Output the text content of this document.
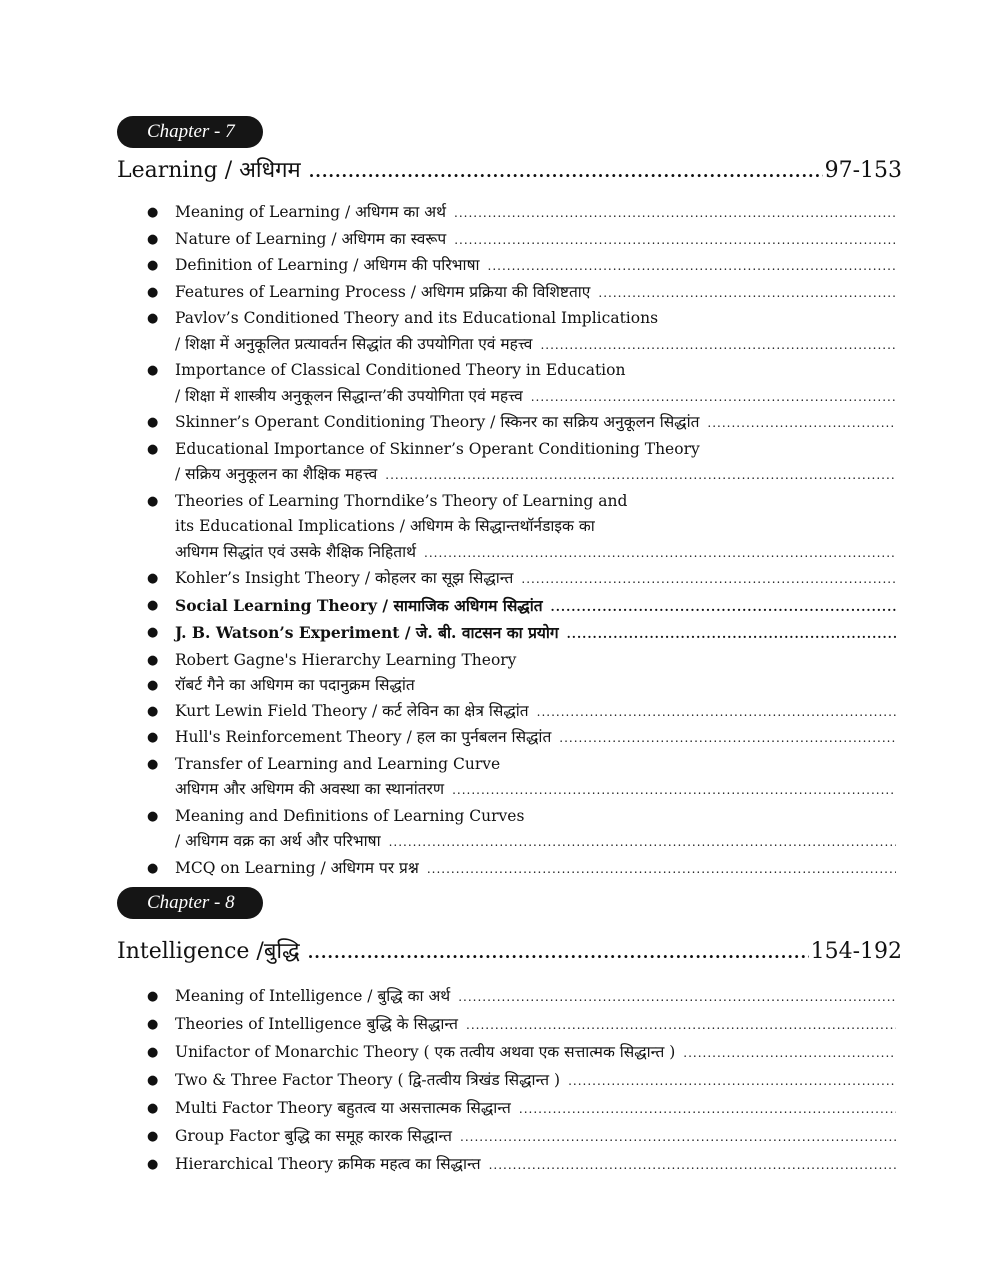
Chapter - 7
Learning / अधिगम .....	97-153
● Meaning of Learning / अधिगम का अर्थ
.....
● Nature of Learning / अधिगम का स्वरूप
.....
● Definition of Learning / अधिगम की परिभाषा
.....
● Features of Learning Process / अधिगम प्रक्रिया की विशिष्टताए
.....
● Pavlov’s Conditioned Theory and its Educational Implications
/ शिक्षा में अनुकूलित प्रत्यावर्तन सिद्धांत की उपयोगिता एवं महत्त्व
.....
● Importance of Classical Conditioned Theory in Education
/ शिक्षा में शास्त्रीय अनुकूलन सिद्धान्त’की उपयोगिता एवं महत्त्व
.....
● Skinner’s Operant Conditioning Theory / स्किनर का सक्रिय अनुकूलन सिद्धांत
.....
● Educational Importance of Skinner’s Operant Conditioning Theory
/ सक्रिय अनुकूलन का शैक्षिक महत्त्व
.....
● Theories of Learning Thorndike’s Theory of Learning and
its Educational Implications / अधिगम के सिद्धान्तथॉर्नडाइक का
अधिगम सिद्धांत एवं उसके शैक्षिक निहितार्थ
.....
● Kohler’s Insight Theory / कोहलर का सूझ सिद्धान्त
.....
● Social Learning Theory / सामाजिक अधिगम सिद्धांत
.....
● J. B. Watson’s Experiment / जे. बी. वाटसन का प्रयोग
.....
● Robert Gagne's Hierarchy Learning Theory
● रॉबर्ट गैने का अधिगम का पदानुक्रम सिद्धांत
● Kurt Lewin Field Theory / कर्ट लेविन का क्षेत्र सिद्धांत
.....
● Hull's Reinforcement Theory / हल का पुर्नबलन सिद्धांत
.....
● Transfer of Learning and Learning Curve
अधिगम और अधिगम की अवस्था का स्थानांतरण
.....
● Meaning and Definitions of Learning Curves
/ अधिगम वक्र का अर्थ और परिभाषा
.....
● MCQ on Learning / अधिगम पर प्रश्न
.....
Chapter - 8
Intelligence /बुद्धि .....	154-192
● Meaning of Intelligence / बुद्धि का अर्थ
.....
● Theories of Intelligence बुद्धि के सिद्धान्त
.....
● Unifactor of Monarchic Theory ( एक तत्वीय अथवा एक सत्तात्मक सिद्धान्त )
.....
● Two & Three Factor Theory ( द्वि-तत्वीय त्रिखंड सिद्धान्त )
.....
● Multi Factor Theory बहुतत्व या असत्तात्मक सिद्धान्त
.....
● Group Factor बुद्धि का समूह कारक सिद्धान्त
.....
● Hierarchical Theory क्रमिक महत्व का सिद्धान्त
.....
